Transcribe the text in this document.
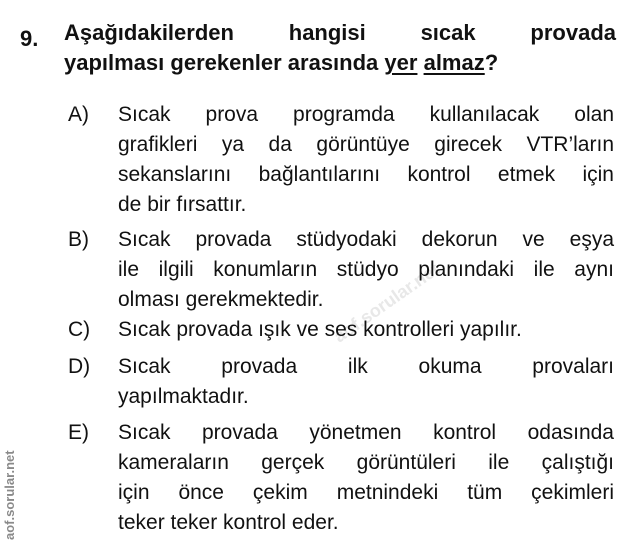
aof.sorular.net
aof.sorular.net
9. Aşağıdakilerden hangisi sıcak provada
yapılması gerekenler arasında yer almaz?
A) Sıcak prova programda kullanılacak olan
grafikleri ya da görüntüye girecek VTR’ların
sekanslarını bağlantılarını kontrol etmek için
de bir fırsattır.
B) Sıcak provada stüdyodaki dekorun ve eşya
ile ilgili konumların stüdyo planındaki ile aynı
olması gerekmektedir.
C) Sıcak provada ışık ve ses kontrolleri yapılır.
D) Sıcak provada ilk okuma provaları
yapılmaktadır.
E) Sıcak provada yönetmen kontrol odasında
kameraların gerçek görüntüleri ile çalıştığı
için önce çekim metnindeki tüm çekimleri
teker teker kontrol eder.
